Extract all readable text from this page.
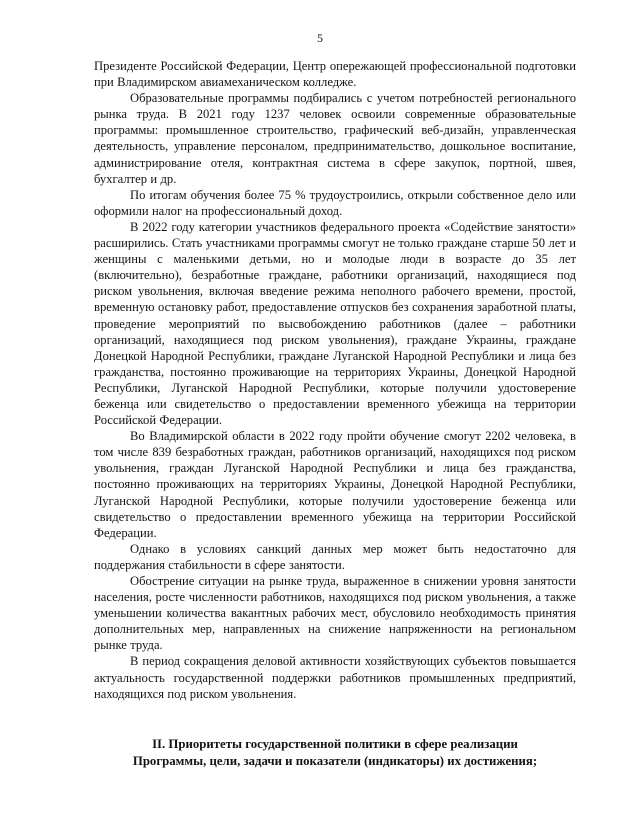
5

Президенте Российской Федерации, Центр опережающей профессиональной подготовки при Владимирском авиамеханическом колледже.

Образовательные программы подбирались с учетом потребностей регионального рынка труда. В 2021 году 1237 человек освоили современные образовательные программы: промышленное строительство, графический веб-дизайн, управленческая деятельность, управление персоналом, предпринимательство, дошкольное воспитание, администрирование отеля, контрактная система в сфере закупок, портной, швея, бухгалтер и др.

По итогам обучения более 75 % трудоустроились, открыли собственное дело или оформили налог на профессиональный доход.

В 2022 году категории участников федерального проекта «Содействие занятости» расширились. Стать участниками программы смогут не только граждане старше 50 лет и женщины с маленькими детьми, но и молодые люди в возрасте до 35 лет (включительно), безработные граждане, работники организаций, находящиеся под риском увольнения, включая введение режима неполного рабочего времени, простой, временную остановку работ, предоставление отпусков без сохранения заработной платы, проведение мероприятий по высвобождению работников (далее – работники организаций, находящиеся под риском увольнения), граждане Украины, граждане Донецкой Народной Республики, граждане Луганской Народной Республики и лица без гражданства, постоянно проживающие на территориях Украины, Донецкой Народной Республики, Луганской Народной Республики, которые получили удостоверение беженца или свидетельство о предоставлении временного убежища на территории Российской Федерации.

Во Владимирской области в 2022 году пройти обучение смогут 2202 человека, в том числе 839 безработных граждан, работников организаций, находящихся под риском увольнения, граждан Луганской Народной Республики и лица без гражданства, постоянно проживающих на территориях Украины, Донецкой Народной Республики, Луганской Народной Республики, которые получили удостоверение беженца или свидетельство о предоставлении временного убежища на территории Российской Федерации.

Однако в условиях санкций данных мер может быть недостаточно для поддержания стабильности в сфере занятости.

Обострение ситуации на рынке труда, выраженное в снижении уровня занятости населения, росте численности работников, находящихся под риском увольнения, а также уменьшении количества вакантных рабочих мест, обусловило необходимость принятия дополнительных мер, направленных на снижение напряженности на региональном рынке труда.

В период сокращения деловой активности хозяйствующих субъектов повышается актуальность государственной поддержки работников промышленных предприятий, находящихся под риском увольнения.

II. Приоритеты государственной политики в сфере реализации
Программы, цели, задачи и показатели (индикаторы) их достижения;
